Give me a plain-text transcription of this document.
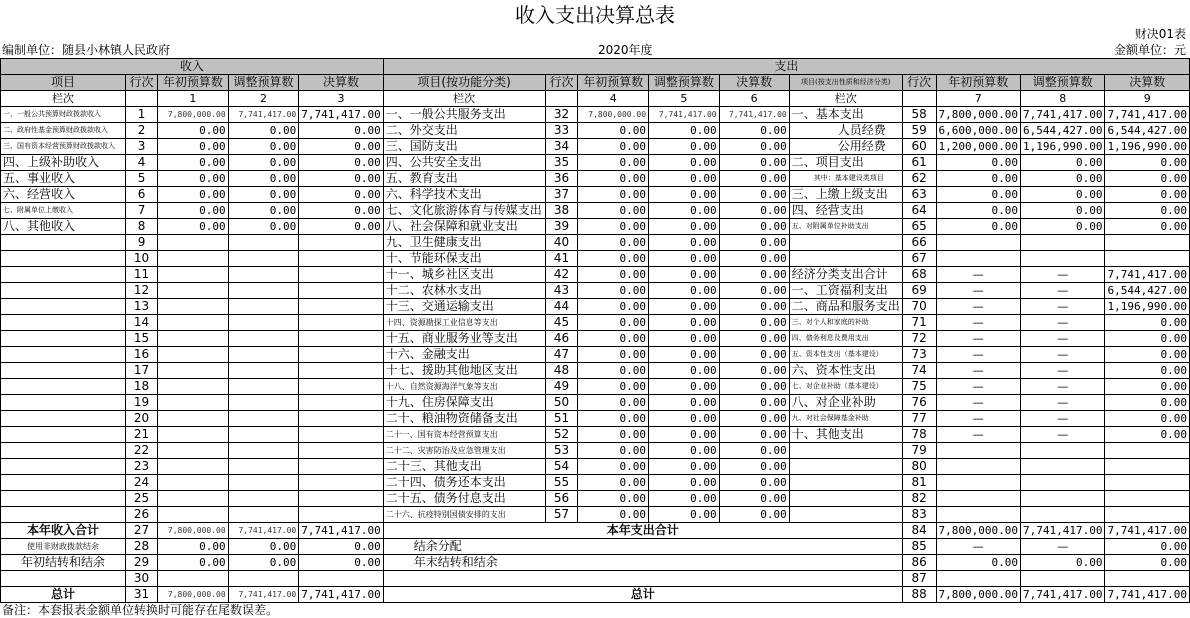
收入支出决算总表
财决01表
编制单位：随县小林镇人民政府	2020年度	金额单位：元
收入					支出									
项目	行次	年初预算数	调整预算数	决算数	项目(按功能分类)	行次	年初预算数	调整预算数	决算数	项目(按支出性质和经济分类)	行次	年初预算数	调整预算数	决算数
栏次		1	2	3	栏次		4	5	6	栏次		7	8	9
一、一般公共预算财政拨款收入	1	7,800,000.00	7,741,417.00	7,741,417.00	一、一般公共服务支出	32	7,800,000.00	7,741,417.00	7,741,417.00	一、基本支出	58	7,800,000.00	7,741,417.00	7,741,417.00
二、政府性基金预算财政拨款收入	2	0.00	0.00	0.00	二、外交支出	33	0.00	0.00	0.00	人员经费	59	6,600,000.00	6,544,427.00	6,544,427.00
三、国有资本经营预算财政拨款收入	3	0.00	0.00	0.00	三、国防支出	34	0.00	0.00	0.00	公用经费	60	1,200,000.00	1,196,990.00	1,196,990.00
四、上级补助收入	4	0.00	0.00	0.00	四、公共安全支出	35	0.00	0.00	0.00	二、项目支出	61	0.00	0.00	0.00
五、事业收入	5	0.00	0.00	0.00	五、教育支出	36	0.00	0.00	0.00	其中：基本建设类项目	62	0.00	0.00	0.00
六、经营收入	6	0.00	0.00	0.00	六、科学技术支出	37	0.00	0.00	0.00	三、上缴上级支出	63	0.00	0.00	0.00
七、附属单位上缴收入	7	0.00	0.00	0.00	七、文化旅游体育与传媒支出	38	0.00	0.00	0.00	四、经营支出	64	0.00	0.00	0.00
八、其他收入	8	0.00	0.00	0.00	八、社会保障和就业支出	39	0.00	0.00	0.00	五、对附属单位补助支出	65	0.00	0.00	0.00
	9				九、卫生健康支出	40	0.00	0.00	0.00		66			
	10				十、节能环保支出	41	0.00	0.00	0.00		67			
	11				十一、城乡社区支出	42	0.00	0.00	0.00	经济分类支出合计	68	—	—	7,741,417.00
	12				十二、农林水支出	43	0.00	0.00	0.00	一、工资福利支出	69	—	—	6,544,427.00
	13				十三、交通运输支出	44	0.00	0.00	0.00	二、商品和服务支出	70	—	—	1,196,990.00
	14				十四、资源勘探工业信息等支出	45	0.00	0.00	0.00	三、对个人和家庭的补助	71	—	—	0.00
	15				十五、商业服务业等支出	46	0.00	0.00	0.00	四、债务利息及费用支出	72	—	—	0.00
	16				十六、金融支出	47	0.00	0.00	0.00	五、资本性支出（基本建设）	73	—	—	0.00
	17				十七、援助其他地区支出	48	0.00	0.00	0.00	六、资本性支出	74	—	—	0.00
	18				十八、自然资源海洋气象等支出	49	0.00	0.00	0.00	七、对企业补助（基本建设）	75	—	—	0.00
	19				十九、住房保障支出	50	0.00	0.00	0.00	八、对企业补助	76	—	—	0.00
	20				二十、粮油物资储备支出	51	0.00	0.00	0.00	九、对社会保障基金补助	77	—	—	0.00
	21				二十一、国有资本经营预算支出	52	0.00	0.00	0.00	十、其他支出	78	—	—	0.00
	22				二十二、灾害防治及应急管理支出	53	0.00	0.00	0.00		79			
	23				二十三、其他支出	54	0.00	0.00	0.00		80			
	24				二十四、债务还本支出	55	0.00	0.00	0.00		81			
	25				二十五、债务付息支出	56	0.00	0.00	0.00		82			
	26				二十六、抗疫特别国债安排的支出	57	0.00	0.00	0.00		83			
本年收入合计	27	7,800,000.00	7,741,417.00	7,741,417.00	本年支出合计						84	7,800,000.00	7,741,417.00	7,741,417.00
使用非财政拨款结余	28	0.00	0.00	0.00	结余分配						85	—	—	0.00
年初结转和结余	29	0.00	0.00	0.00	年末结转和结余						86	0.00	0.00	0.00
	30										87			
总计	31	7,800,000.00	7,741,417.00	7,741,417.00	总计						88	7,800,000.00	7,741,417.00	7,741,417.00
备注：本套报表金额单位转换时可能存在尾数误差。
